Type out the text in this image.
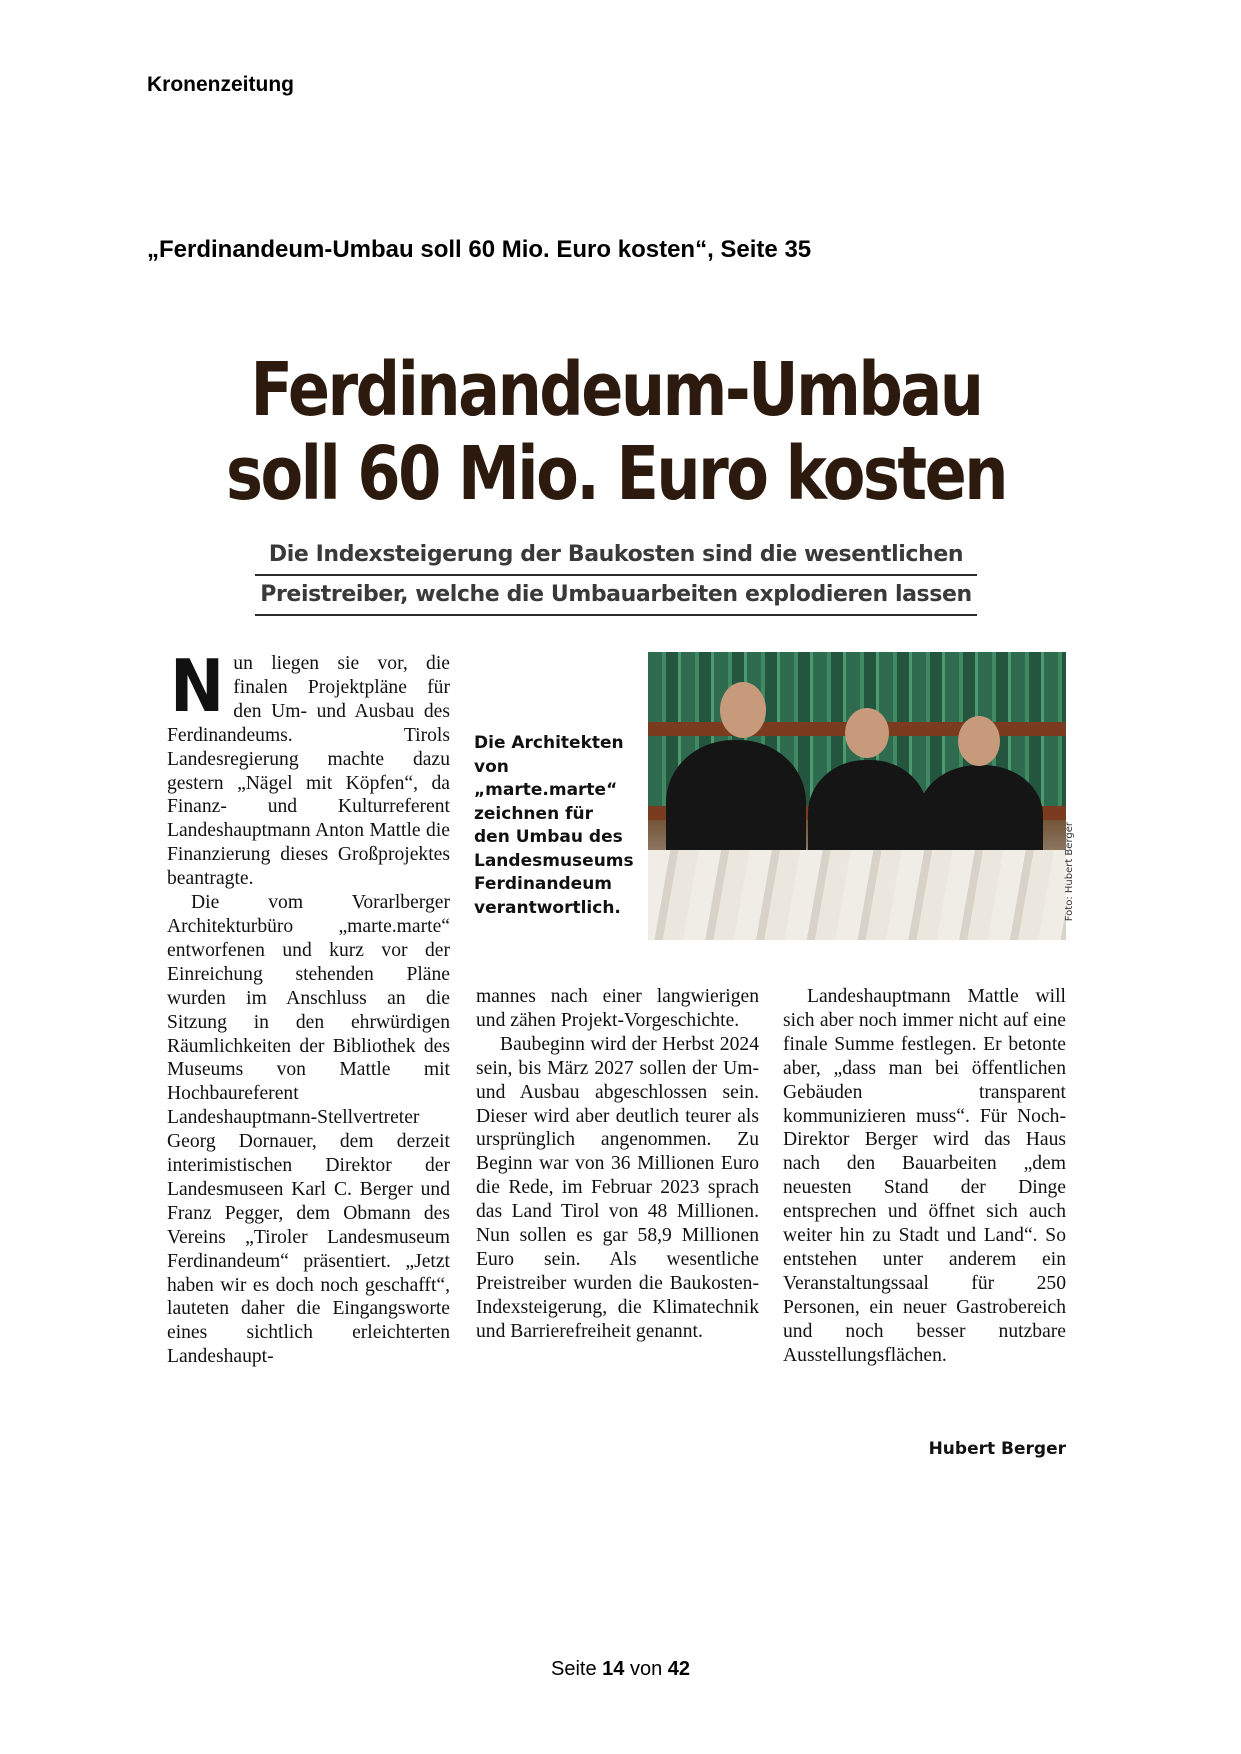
Kronenzeitung
„Ferdinandeum-Umbau soll 60 Mio. Euro kosten“, Seite 35
Ferdinandeum-Umbau
soll 60 Mio. Euro kosten
Die Indexsteigerung der Baukosten sind die wesentlichen
Preistreiber, welche die Umbauarbeiten explodieren lassen

Nun liegen sie vor, die finalen Projektpläne für den Um- und Ausbau des Ferdinandeums. Tirols Landesregierung machte dazu gestern „Nägel mit Köpfen“, da Finanz- und Kulturreferent Landeshauptmann Anton Mattle die Finanzierung dieses Großprojektes beantragte.

Die vom Vorarlberger Architekturbüro „marte.marte“ entworfenen und kurz vor der Einreichung stehenden Pläne wurden im Anschluss an die Sitzung in den ehrwürdigen Räumlichkeiten der Bibliothek des Museums von Mattle mit Hochbaureferent Landeshauptmann-Stellvertreter Georg Dornauer, dem derzeit interimistischen Direktor der Landesmuseen Karl C. Berger und Franz Pegger, dem Obmann des Vereins „Tiroler Landesmuseum Ferdinandeum“ präsentiert. „Jetzt haben wir es doch noch geschafft“, lauteten daher die Eingangsworte eines sichtlich erleichterten Landeshaupt-

Die Architekten von „marte.marte“ zeichnen für den Umbau des Landesmuseums Ferdinandeum verantwortlich.	Foto: Hubert Berger

mannes nach einer langwierigen und zähen Projekt-Vorgeschichte.

Baubeginn wird der Herbst 2024 sein, bis März 2027 sollen der Um- und Ausbau abgeschlossen sein. Dieser wird aber deutlich teurer als ursprünglich angenommen. Zu Beginn war von 36 Millionen Euro die Rede, im Februar 2023 sprach das Land Tirol von 48 Millionen. Nun sollen es gar 58,9 Millionen Euro sein. Als wesentliche Preistreiber wurden die Baukosten-Indexsteigerung, die Klimatechnik und Barrierefreiheit genannt.

Landeshauptmann Mattle will sich aber noch immer nicht auf eine finale Summe festlegen. Er betonte aber, „dass man bei öffentlichen Gebäuden transparent kommunizieren muss“. Für Noch-Direktor Berger wird das Haus nach den Bauarbeiten „dem neuesten Stand der Dinge entsprechen und öffnet sich auch weiter hin zu Stadt und Land“. So entstehen unter anderem ein Veranstaltungssaal für 250 Personen, ein neuer Gastrobereich und noch besser nutzbare Ausstellungsflächen.

Hubert Berger
Seite 14 von 42
